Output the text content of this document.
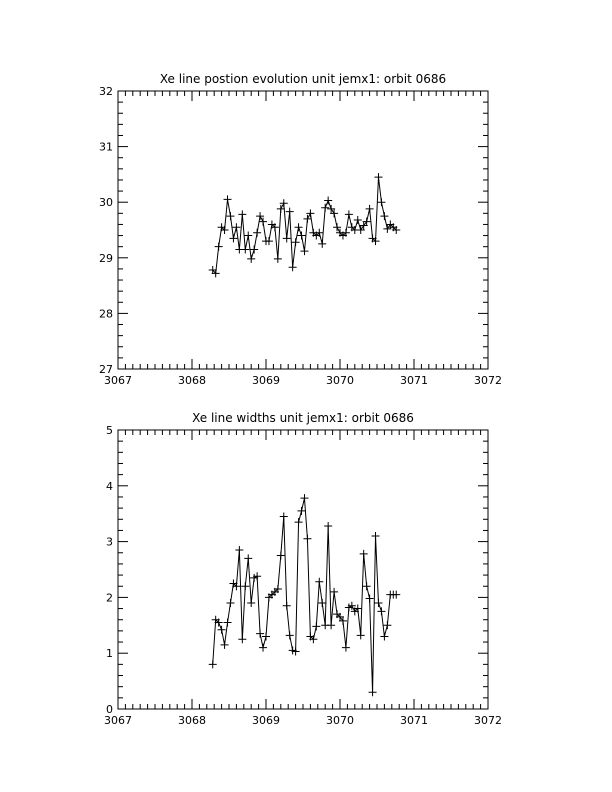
Xe line postion evolution unit jemx1: orbit 0686
3067	3068	3069	3070	3071	3072
27
28
29
30
31
32
Xe line widths unit jemx1: orbit 0686
3067	3068	3069	3070	3071	3072
0
1
2
3
4
5
